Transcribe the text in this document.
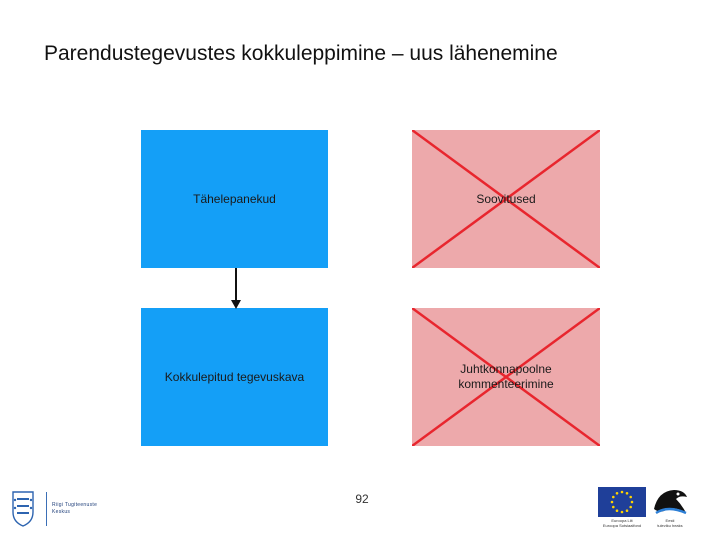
Parendustegevustes kokkuleppimine – uus lähenemine
Tähelepanekud	Soovitused
Kokkulepitud tegevuskava
Juhtkonnapoolne kommenteerimine
92
Riigi Tugiteenuste
Keskus
Euroopa Liit
Euroopa Sotsiaalfond
Eesti
tuleviku heaks
